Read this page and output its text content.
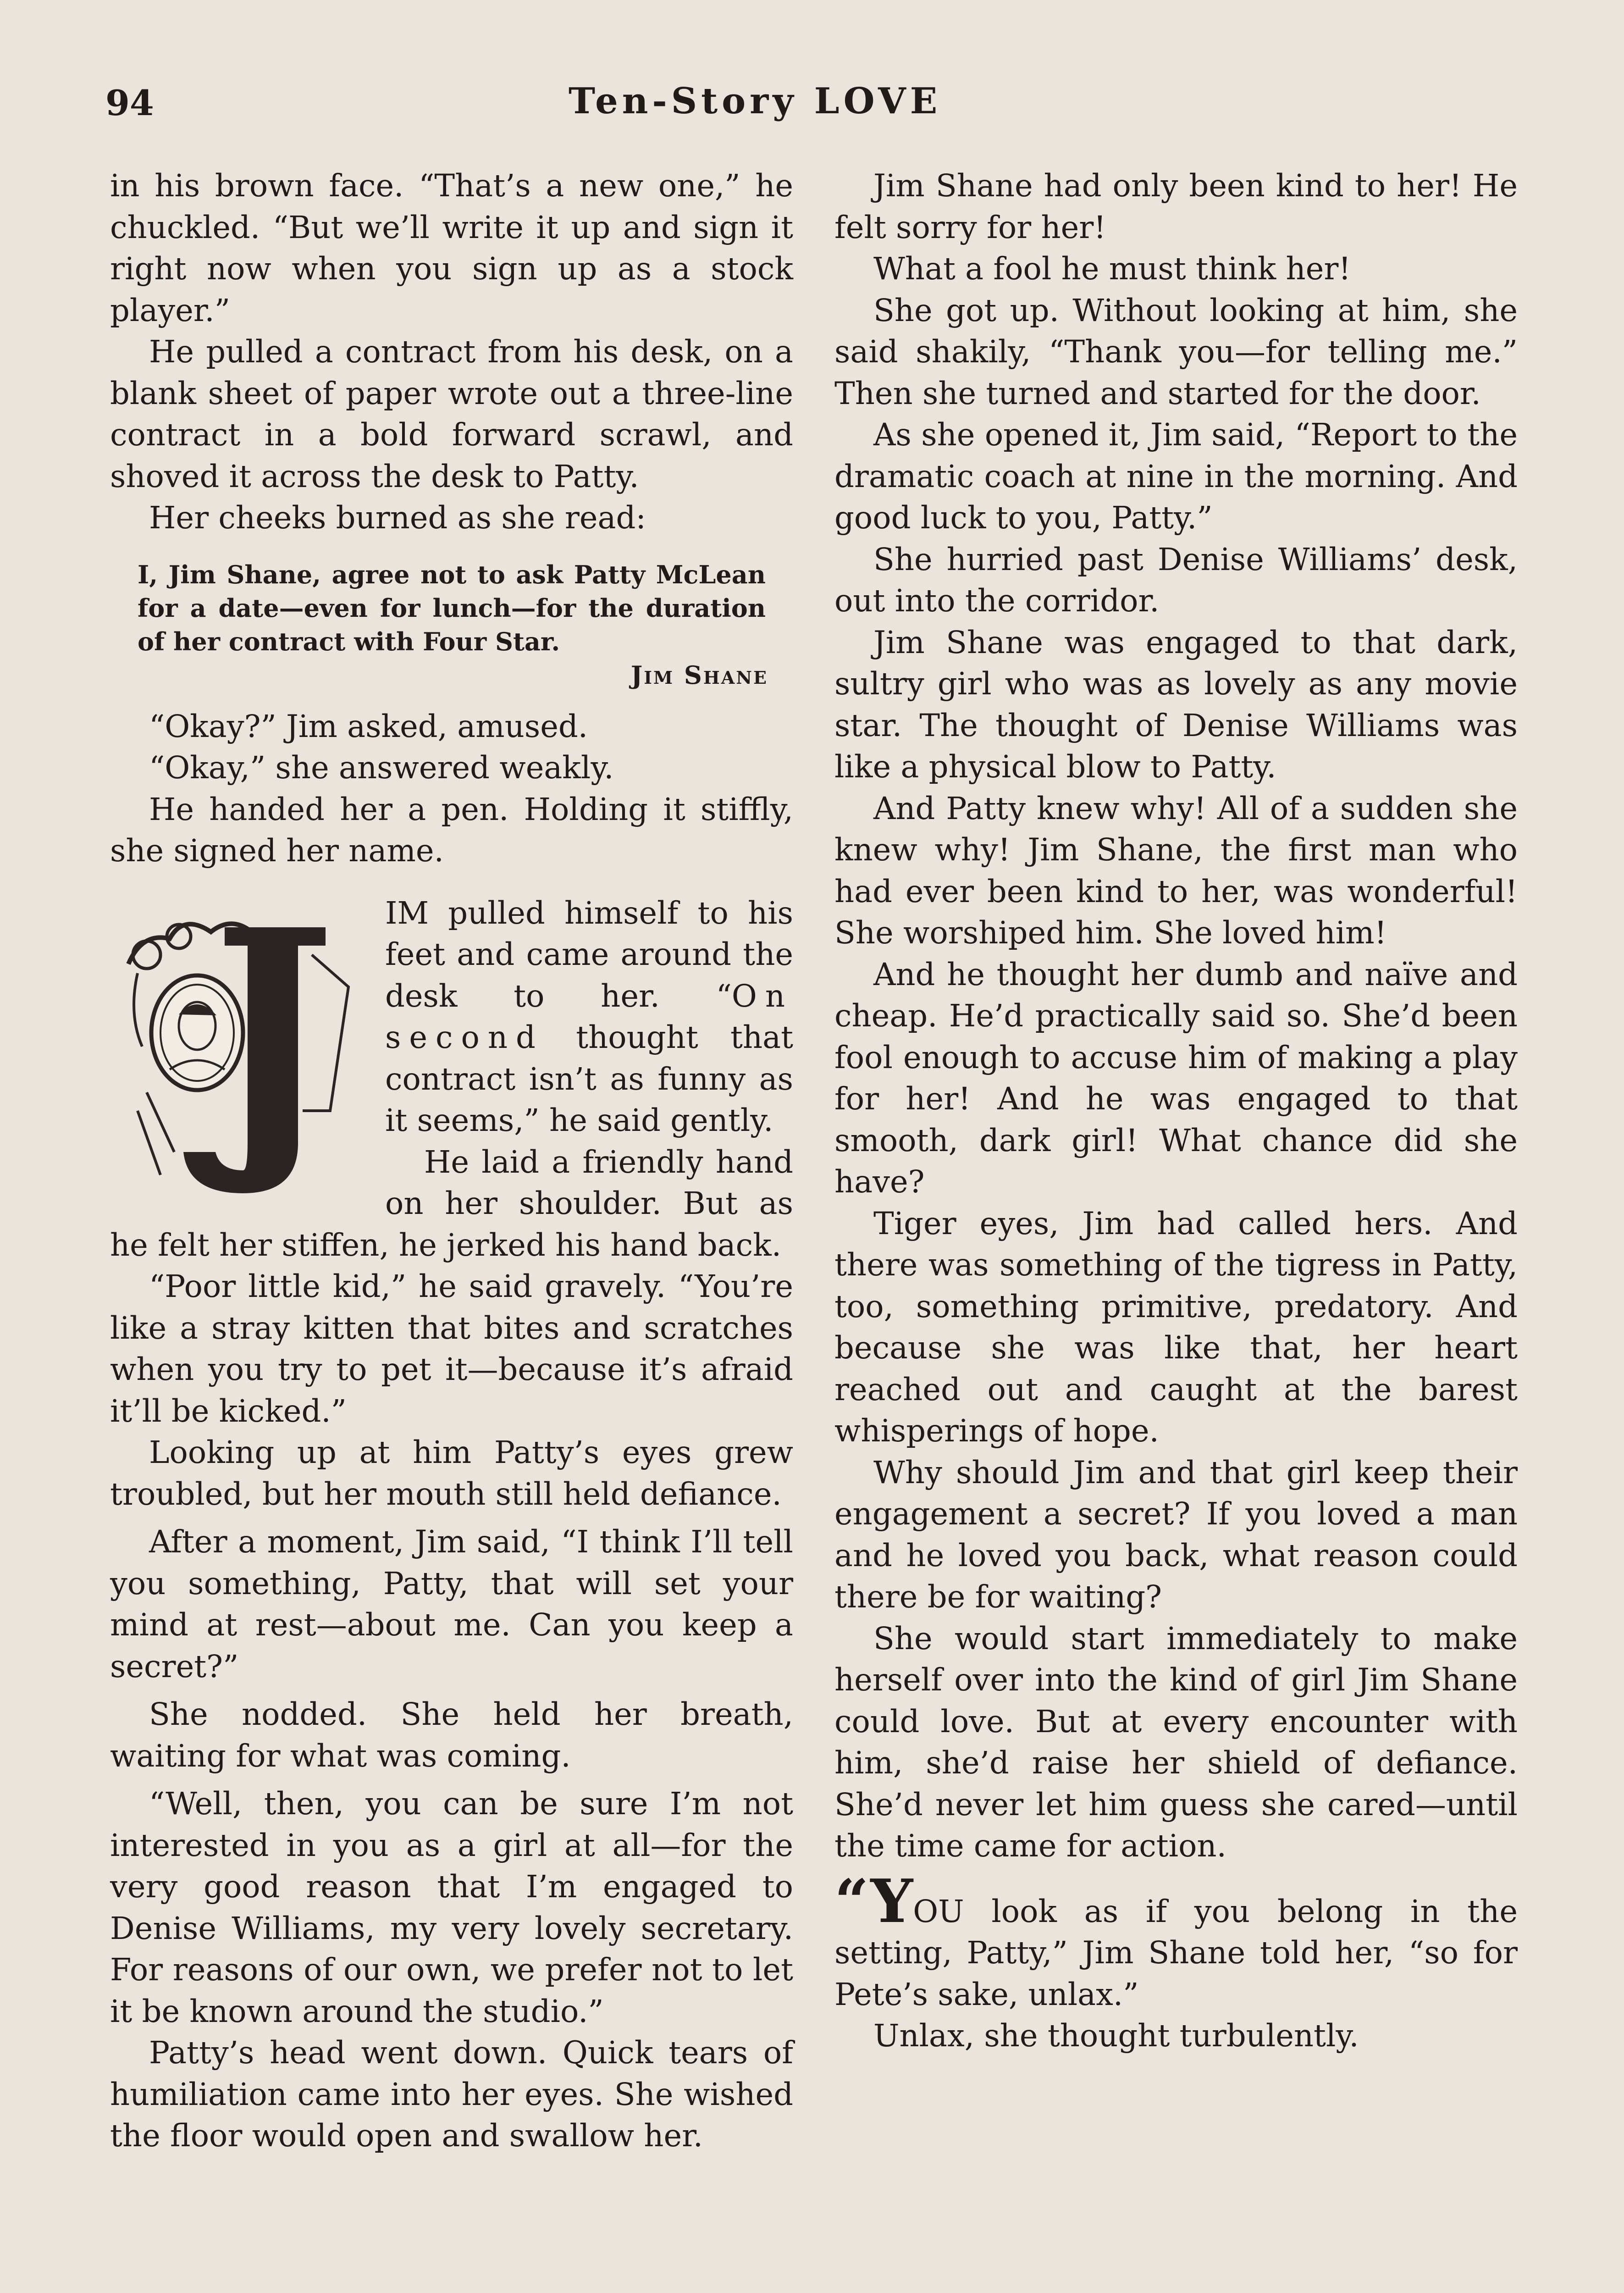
94	Ten-Story LOVE

in his brown face. “That’s a new one,” he chuckled. “But we’ll write it up and sign it right now when you sign up as a stock player.”

He pulled a contract from his desk, on a blank sheet of paper wrote out a three-line contract in a bold forward scrawl, and shoved it across the desk to Patty.

Her cheeks burned as she read:

I, Jim Shane, agree not to ask Patty McLean for a date—even for lunch—for the duration of her contract with Four Star.
Jim Shane

“Okay?” Jim asked, amused.

“Okay,” she answered weakly.

He handed her a pen. Holding it stiffly, she signed her name.

IM pulled himself to his feet and came around the desk to her. “On second thought that contract isn’t as funny as it seems,” he said gently.

He laid a friendly hand on her shoulder. But as he felt her stiffen, he jerked his hand back.

“Poor little kid,” he said gravely. “You’re like a stray kitten that bites and scratches when you try to pet it—because it’s afraid it’ll be kicked.”

Looking up at him Patty’s eyes grew troubled, but her mouth still held defiance.

After a moment, Jim said, “I think I’ll tell you something, Patty, that will set your mind at rest—about me. Can you keep a secret?”

She nodded. She held her breath, waiting for what was coming.

“Well, then, you can be sure I’m not interested in you as a girl at all—for the very good reason that I’m engaged to Denise Williams, my very lovely secretary. For reasons of our own, we prefer not to let it be known around the studio.”

Patty’s head went down. Quick tears of humiliation came into her eyes. She wished the floor would open and swallow her.

Jim Shane had only been kind to her! He felt sorry for her!

What a fool he must think her!

She got up. Without looking at him, she said shakily, “Thank you—for telling me.” Then she turned and started for the door.

As she opened it, Jim said, “Report to the dramatic coach at nine in the morning. And good luck to you, Patty.”

She hurried past Denise Williams’ desk, out into the corridor.

Jim Shane was engaged to that dark, sultry girl who was as lovely as any movie star. The thought of Denise Williams was like a physical blow to Patty.

And Patty knew why! All of a sudden she knew why! Jim Shane, the first man who had ever been kind to her, was wonderful! She worshiped him. She loved him!

And he thought her dumb and naïve and cheap. He’d practically said so. She’d been fool enough to accuse him of making a play for her! And he was engaged to that smooth, dark girl! What chance did she have?

Tiger eyes, Jim had called hers. And there was something of the tigress in Patty, too, something primitive, predatory. And because she was like that, her heart reached out and caught at the barest whisperings of hope.

Why should Jim and that girl keep their engagement a secret? If you loved a man and he loved you back, what reason could there be for waiting?

She would start immediately to make herself over into the kind of girl Jim Shane could love. But at every encounter with him, she’d raise her shield of defiance. She’d never let him guess she cared—until the time came for action.

“YOU look as if you belong in the setting, Patty,” Jim Shane told her, “so for Pete’s sake, unlax.”

Unlax, she thought turbulently.
